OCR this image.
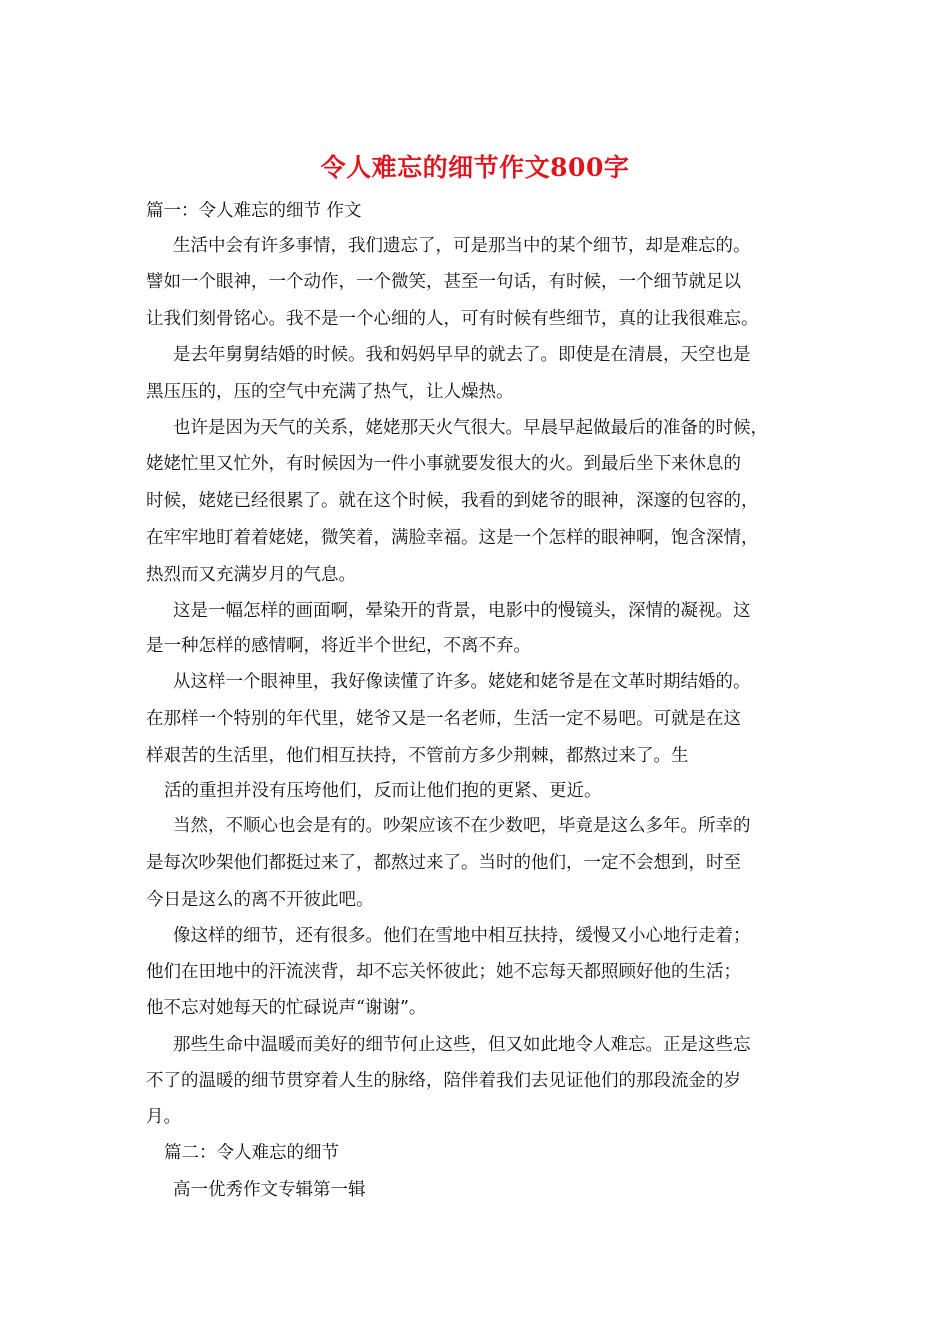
令人难忘的细节作文800字
篇一：令人难忘的细节 作文
生活中会有许多事情，我们遗忘了，可是那当中的某个细节，却是难忘的。
譬如一个眼神，一个动作，一个微笑，甚至一句话，有时候，一个细节就足以
让我们刻骨铭心。我不是一个心细的人，可有时候有些细节，真的让我很难忘。
是去年舅舅结婚的时候。我和妈妈早早的就去了。即使是在清晨，天空也是
黑压压的，压的空气中充满了热气，让人燥热。
也许是因为天气的关系，姥姥那天火气很大。早晨早起做最后的准备的时候，
姥姥忙里又忙外，有时候因为一件小事就要发很大的火。到最后坐下来休息的
时候，姥姥已经很累了。就在这个时候，我看的到姥爷的眼神，深邃的包容的，
在牢牢地盯着着姥姥，微笑着，满脸幸福。这是一个怎样的眼神啊，饱含深情，
热烈而又充满岁月的气息。
这是一幅怎样的画面啊，晕染开的背景，电影中的慢镜头，深情的凝视。这
是一种怎样的感情啊，将近半个世纪，不离不弃。
从这样一个眼神里，我好像读懂了许多。姥姥和姥爷是在文革时期结婚的。
在那样一个特别的年代里，姥爷又是一名老师，生活一定不易吧。可就是在这
样艰苦的生活里，他们相互扶持，不管前方多少荆棘，都熬过来了。生
活的重担并没有压垮他们，反而让他们抱的更紧、更近。
当然，不顺心也会是有的。吵架应该不在少数吧，毕竟是这么多年。所幸的
是每次吵架他们都挺过来了，都熬过来了。当时的他们，一定不会想到，时至
今日是这么的离不开彼此吧。
像这样的细节，还有很多。他们在雪地中相互扶持，缓慢又小心地行走着；
他们在田地中的汗流浃背，却不忘关怀彼此；她不忘每天都照顾好他的生活；
他不忘对她每天的忙碌说声“谢谢”。
那些生命中温暖而美好的细节何止这些，但又如此地令人难忘。正是这些忘
不了的温暖的细节贯穿着人生的脉络，陪伴着我们去见证他们的那段流金的岁
月。
篇二：令人难忘的细节
高一优秀作文专辑第一辑
